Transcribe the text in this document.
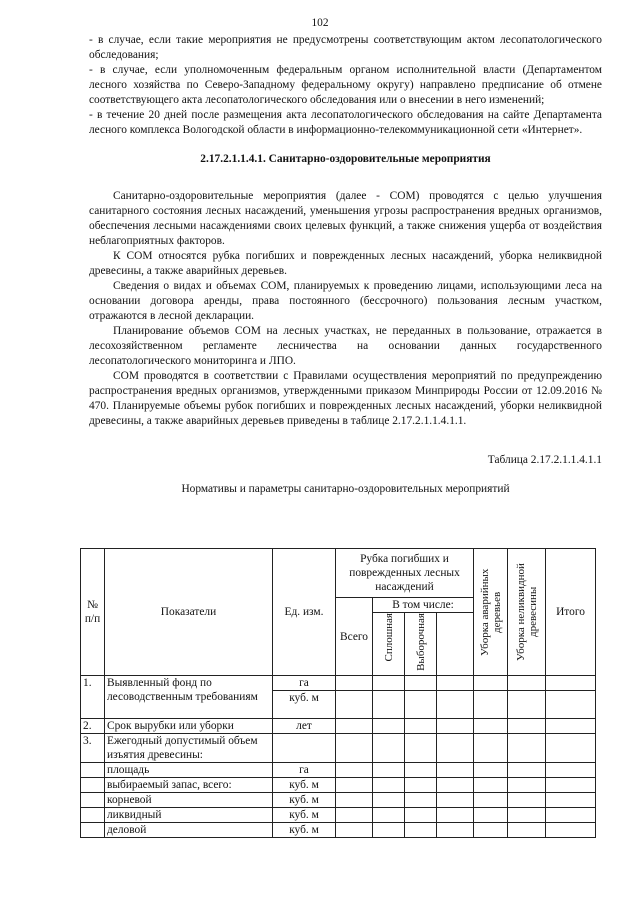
102

- в случае, если такие мероприятия не предусмотрены соответствующим актом лесопатологического обследования;

- в случае, если уполномоченным федеральным органом исполнительной власти (Департаментом лесного хозяйства по Северо-Западному федеральному округу) направлено предписание об отмене соответствующего акта лесопатологического обследования или о внесении в него изменений;

- в течение 20 дней после размещения акта лесопатологического обследования на сайте Департамента лесного комплекса Вологодской области в информационно-телекоммуникационной сети «Интернет».

2.17.2.1.1.4.1. Санитарно-оздоровительные мероприятия

Санитарно-оздоровительные мероприятия (далее - СОМ) проводятся с целью улучшения санитарного состояния лесных насаждений, уменьшения угрозы распространения вредных организмов, обеспечения лесными насаждениями своих целевых функций, а также снижения ущерба от воздействия неблагоприятных факторов.

К СОМ относятся рубка погибших и поврежденных лесных насаждений, уборка неликвидной древесины, а также аварийных деревьев.

Сведения о видах и объемах СОМ, планируемых к проведению лицами, использующими леса на основании договора аренды, права постоянного (бессрочного) пользования лесным участком, отражаются в лесной декларации.

Планирование объемов СОМ на лесных участках, не переданных в пользование, отражается в лесохозяйственном регламенте лесничества на основании данных государственного лесопатологического мониторинга и ЛПО.

СОМ проводятся в соответствии с Правилами осуществления мероприятий по предупреждению распространения вредных организмов, утвержденными приказом Минприроды России от 12.09.2016 № 470. Планируемые объемы рубок погибших и поврежденных лесных насаждений, уборки неликвидной древесины, а также аварийных деревьев приведены в таблице 2.17.2.1.1.4.1.1.

Таблица 2.17.2.1.1.4.1.1

Нормативы и параметры санитарно-оздоровительных мероприятий

№ п/п	Показатели	Ед. изм.	Рубка погибших и поврежденных лесных насаждений				Уборка аварийных деревьев	Уборка неликвидной древесины	Итого
			Всего	В том числе:					

				Сплошная	Выборочная				

1.	Выявленный фонд по лесоводственным требованиям	га							
		куб. м							
2.	Срок вырубки или уборки	лет							
3.	Ежегодный допустимый объем изъятия древесины:								
	площадь	га							
	выбираемый запас, всего:	куб. м							
	корневой	куб. м							
	ликвидный	куб. м							
	деловой	куб. м							
